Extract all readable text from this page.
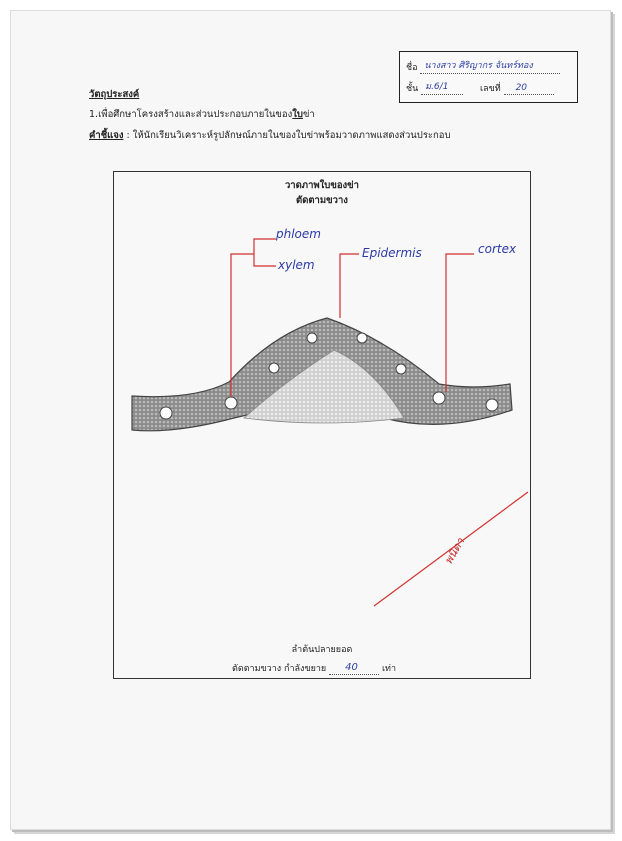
ชื่อ นางสาว ศิริญากร จันทร์ทอง
ชั้น ม.6/1	เลขที่ 20
วัตถุประสงค์
1.เพื่อศึกษาโครงสร้างและส่วนประกอบภายในของใบข่า
คำชี้แจง : ให้นักเรียนวิเคราะห์รูปลักษณ์ภายในของใบข่าพร้อมวาดภาพแสดงส่วนประกอบ
วาดภาพใบของข่า
ตัดตามขวาง
phloem
xylem
Epidermis	cortex
พนิดา
ลำต้นปลายยอด
ตัดตามขวาง กำลังขยาย 40	เท่า
